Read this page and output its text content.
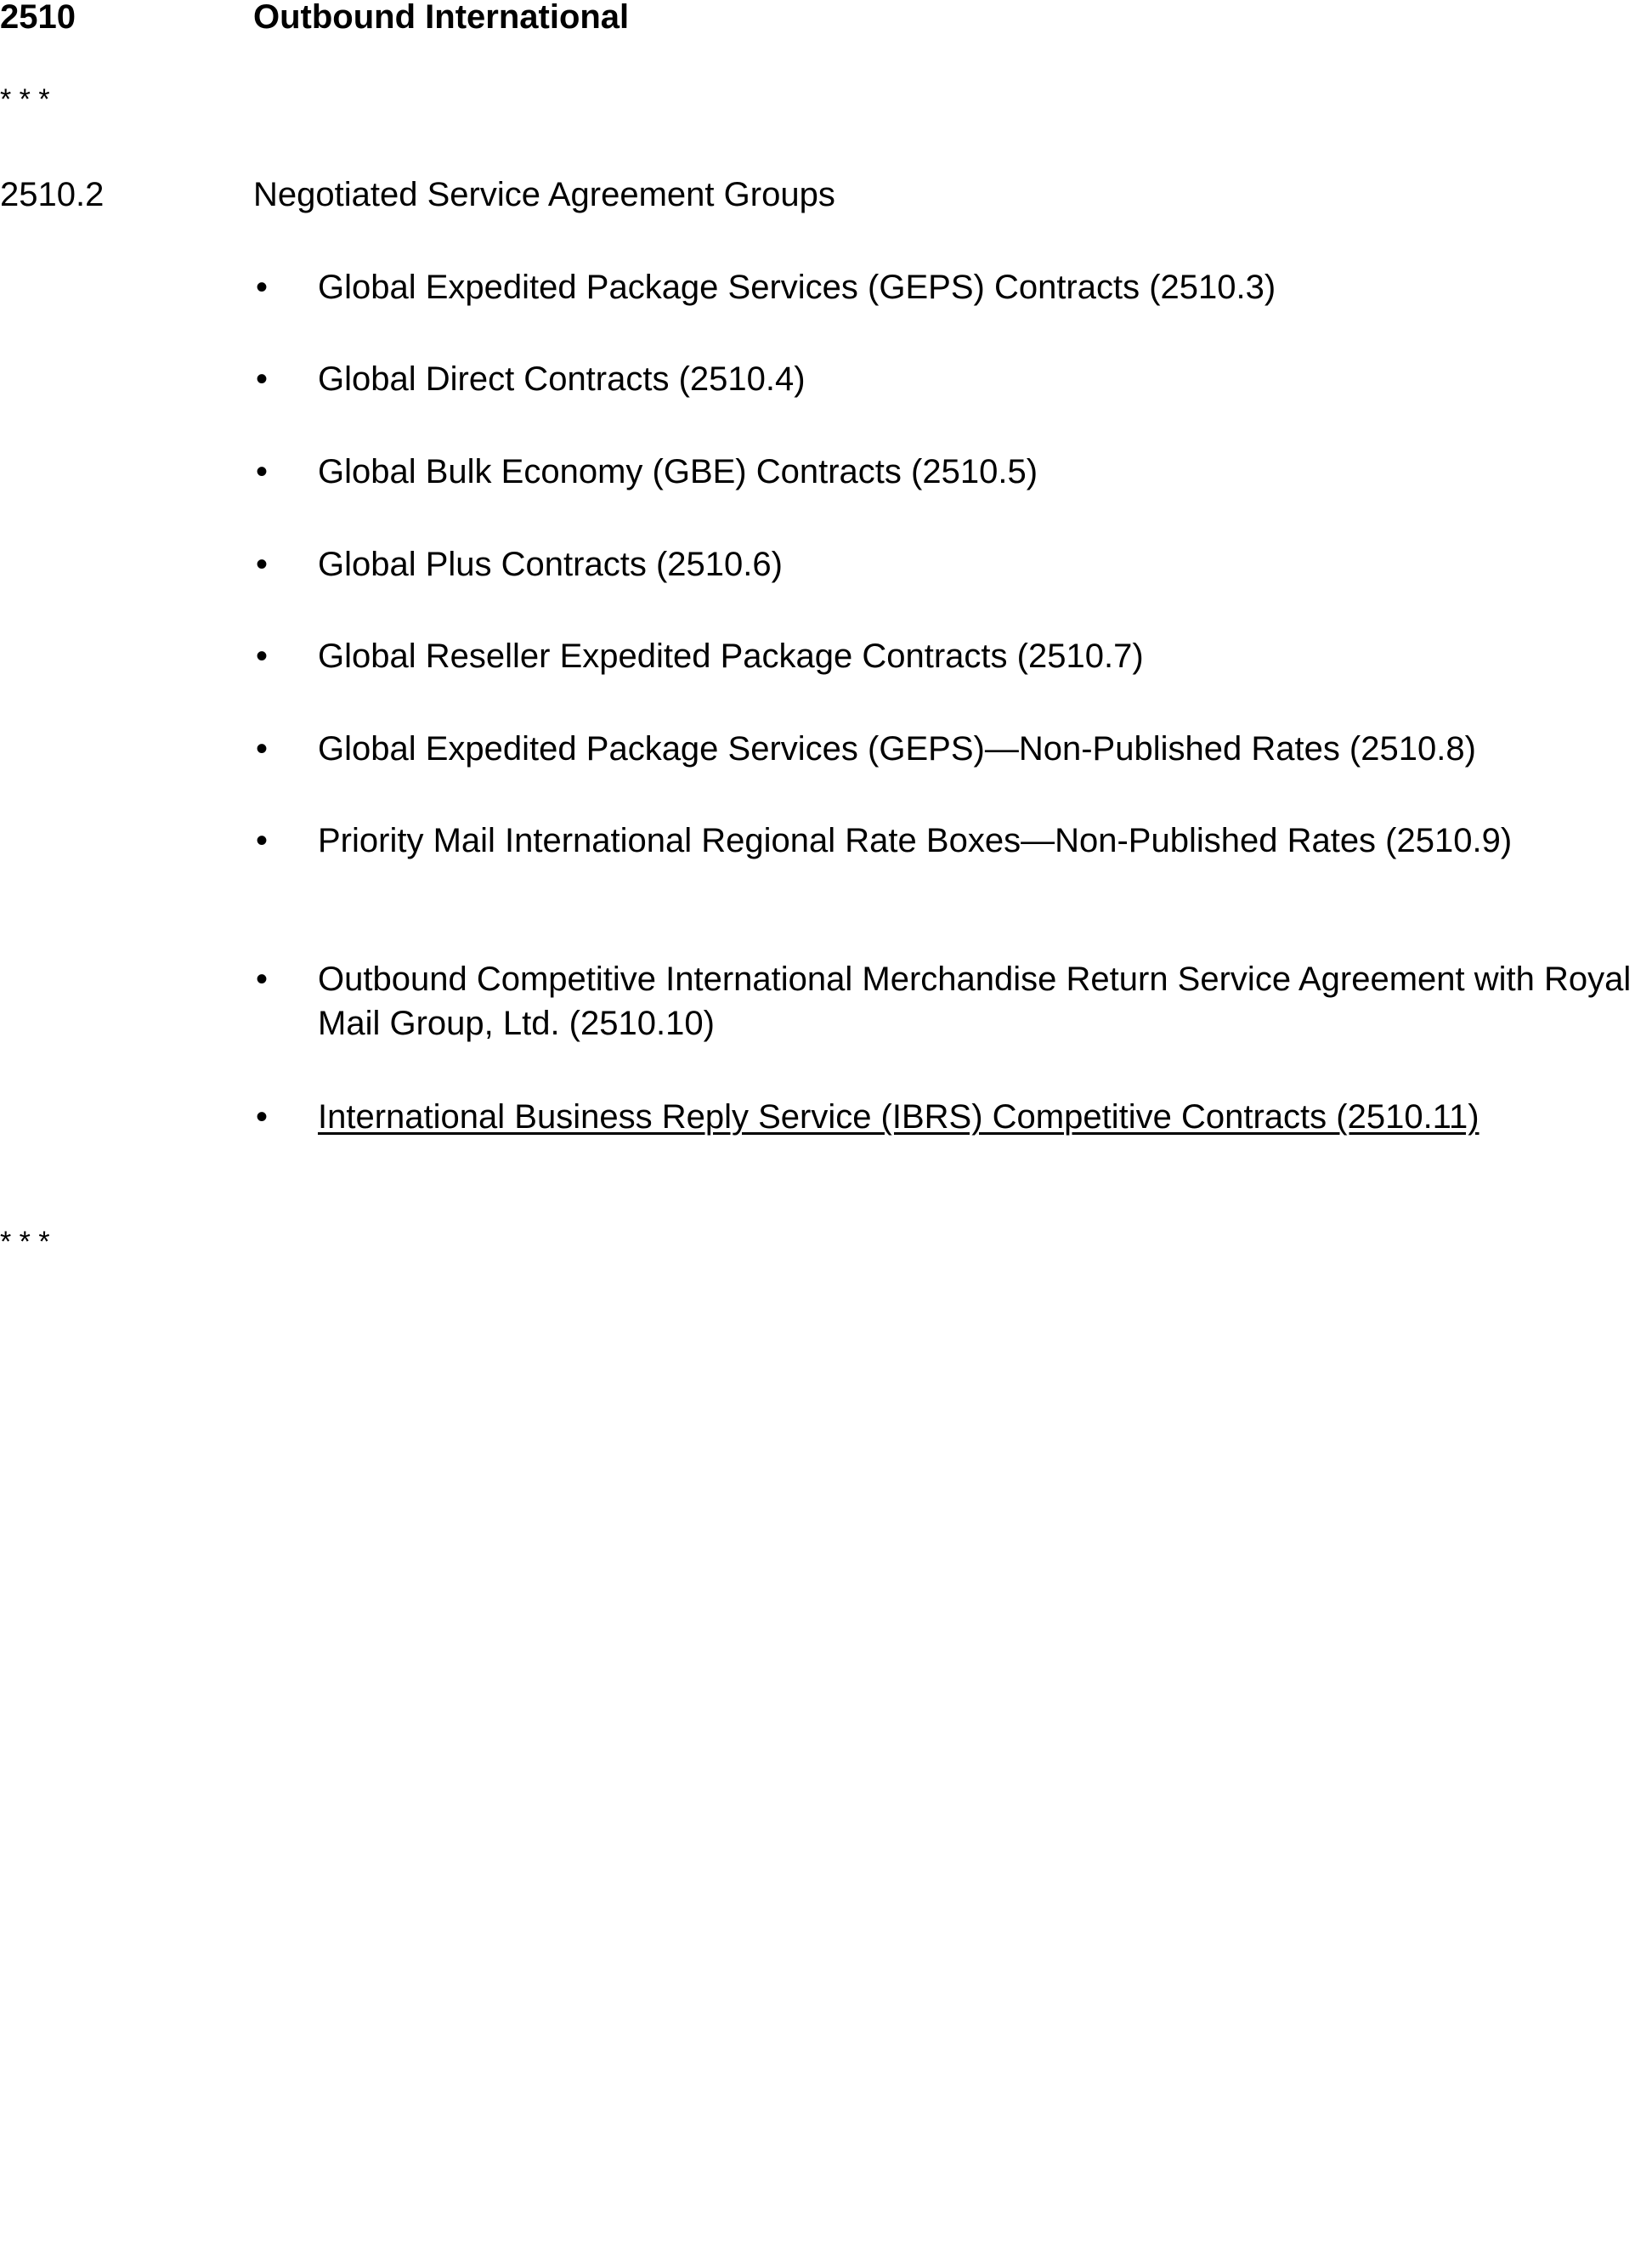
2510	Outbound International
* * *
2510.2	Negotiated Service Agreement Groups
• Global Expedited Package Services (GEPS) Contracts (2510.3)
• Global Direct Contracts (2510.4)
• Global Bulk Economy (GBE) Contracts (2510.5)
• Global Plus Contracts (2510.6)
• Global Reseller Expedited Package Contracts (2510.7)
• Global Expedited Package Services (GEPS)—Non-Published Rates (2510.8)
• Priority Mail International Regional Rate Boxes—Non-Published Rates (2510.9)
• Outbound Competitive International Merchandise Return Service Agreement with Royal Mail Group, Ltd. (2510.10)
• International Business Reply Service (IBRS) Competitive Contracts (2510.11)
* * *
